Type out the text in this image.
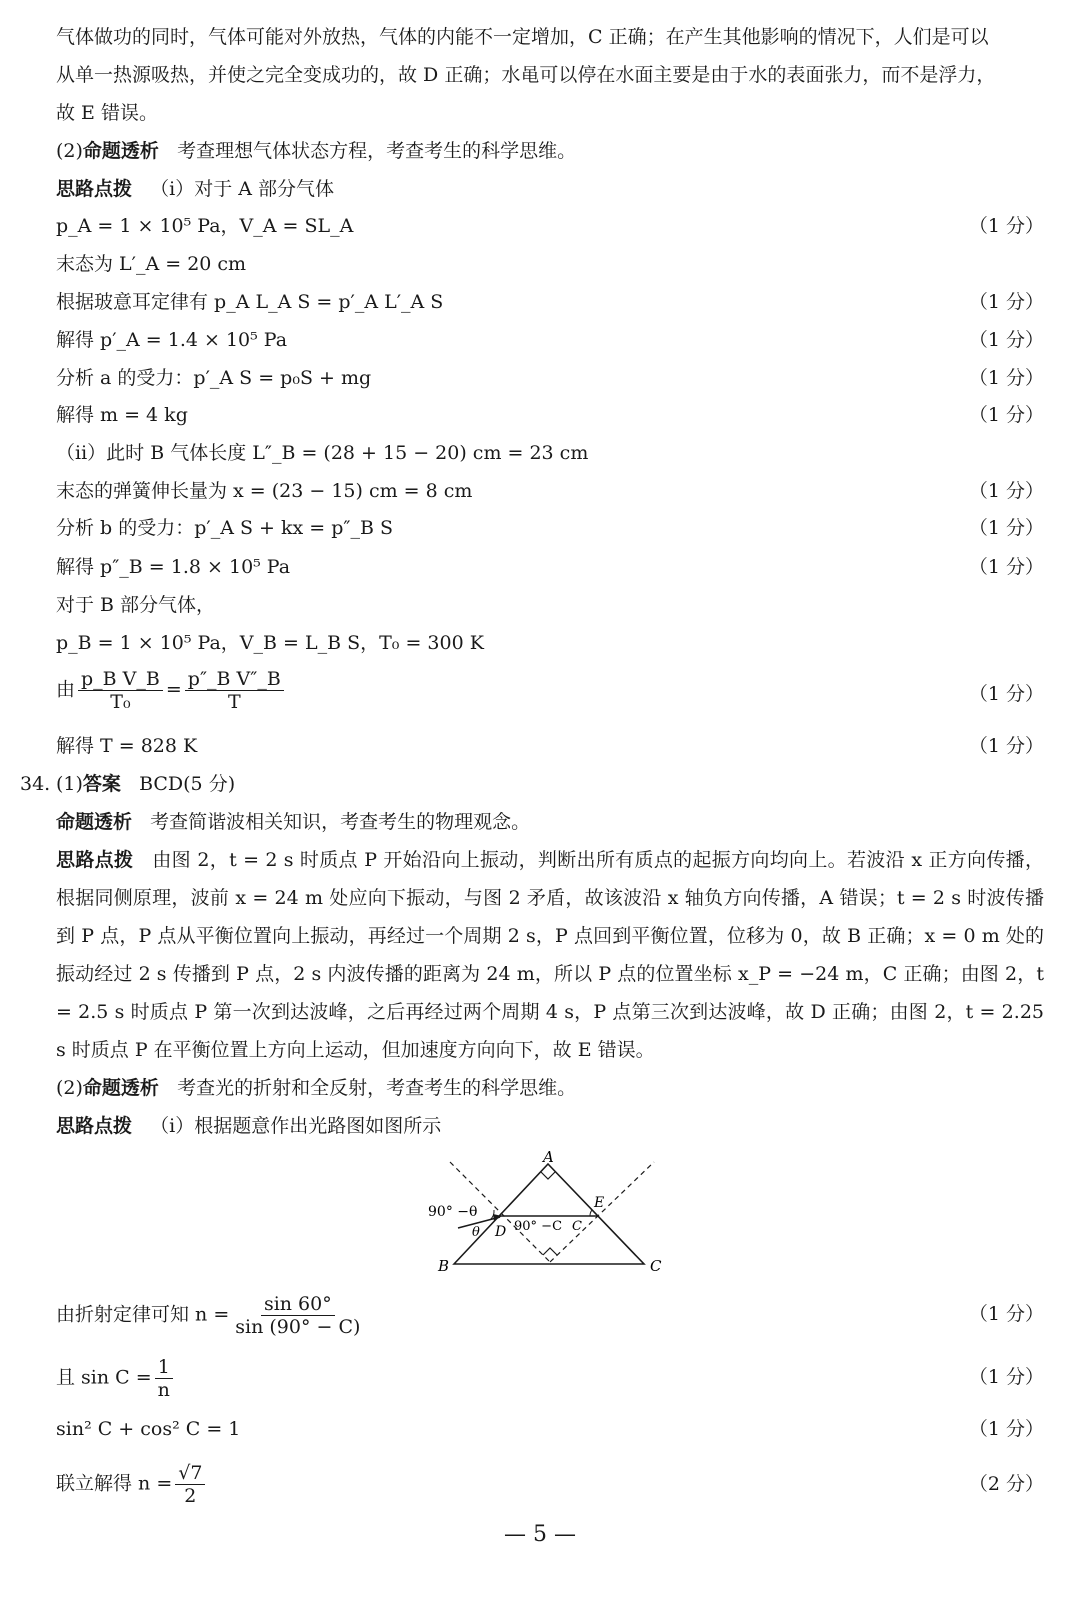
气体做功的同时，气体可能对外放热，气体的内能不一定增加，C 正确；在产生其他影响的情况下，人们是可以
从单一热源吸热，并使之完全变成功的，故 D 正确；水黾可以停在水面主要是由于水的表面张力，而不是浮力，
故 E 错误。
(2)命题透析 考查理想气体状态方程，考查考生的科学思维。
思路点拨 （ⅰ）对于 A 部分气体
p_A = 1 × 10⁵ Pa，V_A = SL_A	（1 分）
末态为 L′_A = 20 cm
根据玻意耳定律有 p_A L_A S = p′_A L′_A S	（1 分）
解得 p′_A = 1.4 × 10⁵ Pa	（1 分）
分析 a 的受力：p′_A S = p₀S + mg	（1 分）
解得 m = 4 kg	（1 分）
（ⅱ）此时 B 气体长度 L″_B = (28 + 15 − 20) cm = 23 cm
末态的弹簧伸长量为 x = (23 − 15) cm = 8 cm	（1 分）
分析 b 的受力：p′_A S + kx = p″_B S	（1 分）
解得 p″_B = 1.8 × 10⁵ Pa	（1 分）
对于 B 部分气体，
p_B = 1 × 10⁵ Pa，V_B = L_B S，T₀ = 300 K
由 $\frac{\text{p\_B V\_B}}{\text{T₀}} = \frac{\text{p″\_B V″\_B}}{T}$	（1 分）
解得 T = 828 K	（1 分）
34. (1)答案 BCD(5 分)
命题透析 考查简谐波相关知识，考查考生的物理观念。
思路点拨 由图 2，t = 2 s 时质点 P 开始沿向上振动，判断出所有质点的起振方向均向上。若波沿 x 正方向传播，根据同侧原理，波前 x = 24 m 处应向下振动，与图 2 矛盾，故该波沿 x 轴负方向传播，A 错误；t = 2 s 时波传播到 P 点，P 点从平衡位置向上振动，再经过一个周期 2 s，P 点回到平衡位置，位移为 0，故 B 正确；x = 0 m 处的振动经过 2 s 传播到 P 点，2 s 内波传播的距离为 24 m，所以 P 点的位置坐标 x_P = −24 m，C 正确；由图 2，t = 2.5 s 时质点 P 第一次到达波峰，之后再经过两个周期 4 s，P 点第三次到达波峰，故 D 正确；由图 2，t = 2.25 s 时质点 P 在平衡位置上方向上运动，但加速度方向向下，故 E 错误。
(2)命题透析 考查光的折射和全反射，考查考生的科学思维。
思路点拨 （ⅰ）根据题意作出光路图如图所示
A
B	C
D
E
90° −θ
θ	90° −C C
由折射定律可知 $n = \frac{\sin 60^\circ}{\sin (90^\circ - C)}$	（1 分）
且 $\sin C = \frac{1}{n}$	（1 分）
sin² C + cos² C = 1	（1 分）
联立解得 $n = \frac{√7}{2}$	（2 分）
— 5 —
